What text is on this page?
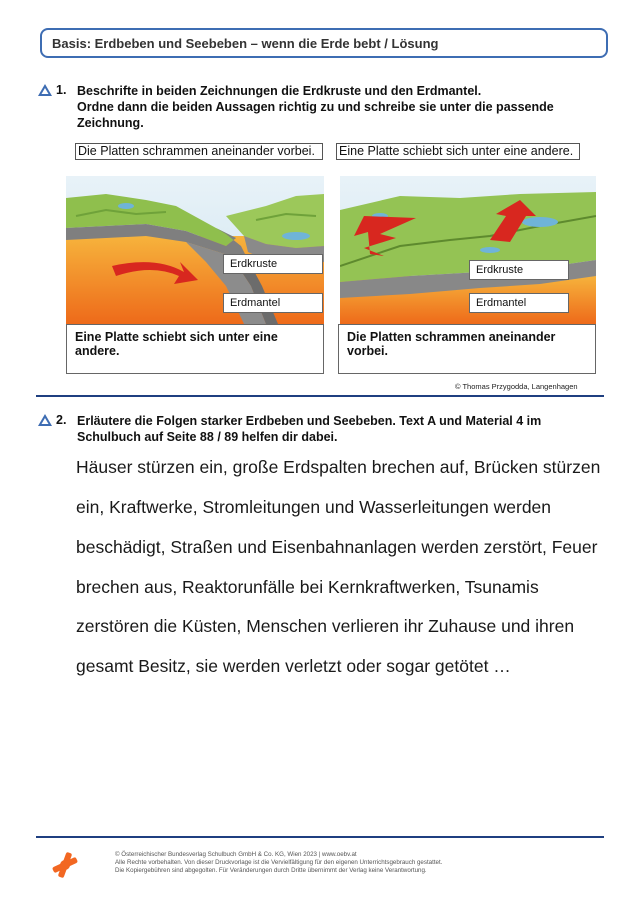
Basis: Erdbeben und Seebeben – wenn die Erde bebt / Lösung
1. Beschrifte in beiden Zeichnungen die Erdkruste und den Erdmantel.
Ordne dann die beiden Aussagen richtig zu und schreibe sie unter die passende
Zeichnung.
Die Platten schrammen aneinander vorbei.	Eine Platte schiebt sich unter eine andere.
Erdkruste
Erdmantel
Erdkruste
Erdmantel
Eine Platte schiebt sich unter eine
andere.
Die Platten schrammen aneinander
vorbei.
© Thomas Przygodda, Langenhagen
2. Erläutere die Folgen starker Erdbeben und Seebeben. Text A und Material 4 im
Schulbuch auf Seite 88 / 89 helfen dir dabei.
Häuser stürzen ein, große Erdspalten brechen auf, Brücken stürzen
ein, Kraftwerke, Stromleitungen und Wasserleitungen werden
beschädigt, Straßen und Eisenbahnanlagen werden zerstört, Feuer
brechen aus, Reaktorunfälle bei Kernkraftwerken, Tsunamis
zerstören die Küsten, Menschen verlieren ihr Zuhause und ihren
gesamt Besitz, sie werden verletzt oder sogar getötet …
© Österreichischer Bundesverlag Schulbuch GmbH & Co. KG, Wien 2023 | www.oebv.at
Alle Rechte vorbehalten. Von dieser Druckvorlage ist die Vervielfältigung für den eigenen Unterrichtsgebrauch gestattet.
Die Kopiergebühren sind abgegolten. Für Veränderungen durch Dritte übernimmt der Verlag keine Verantwortung.
